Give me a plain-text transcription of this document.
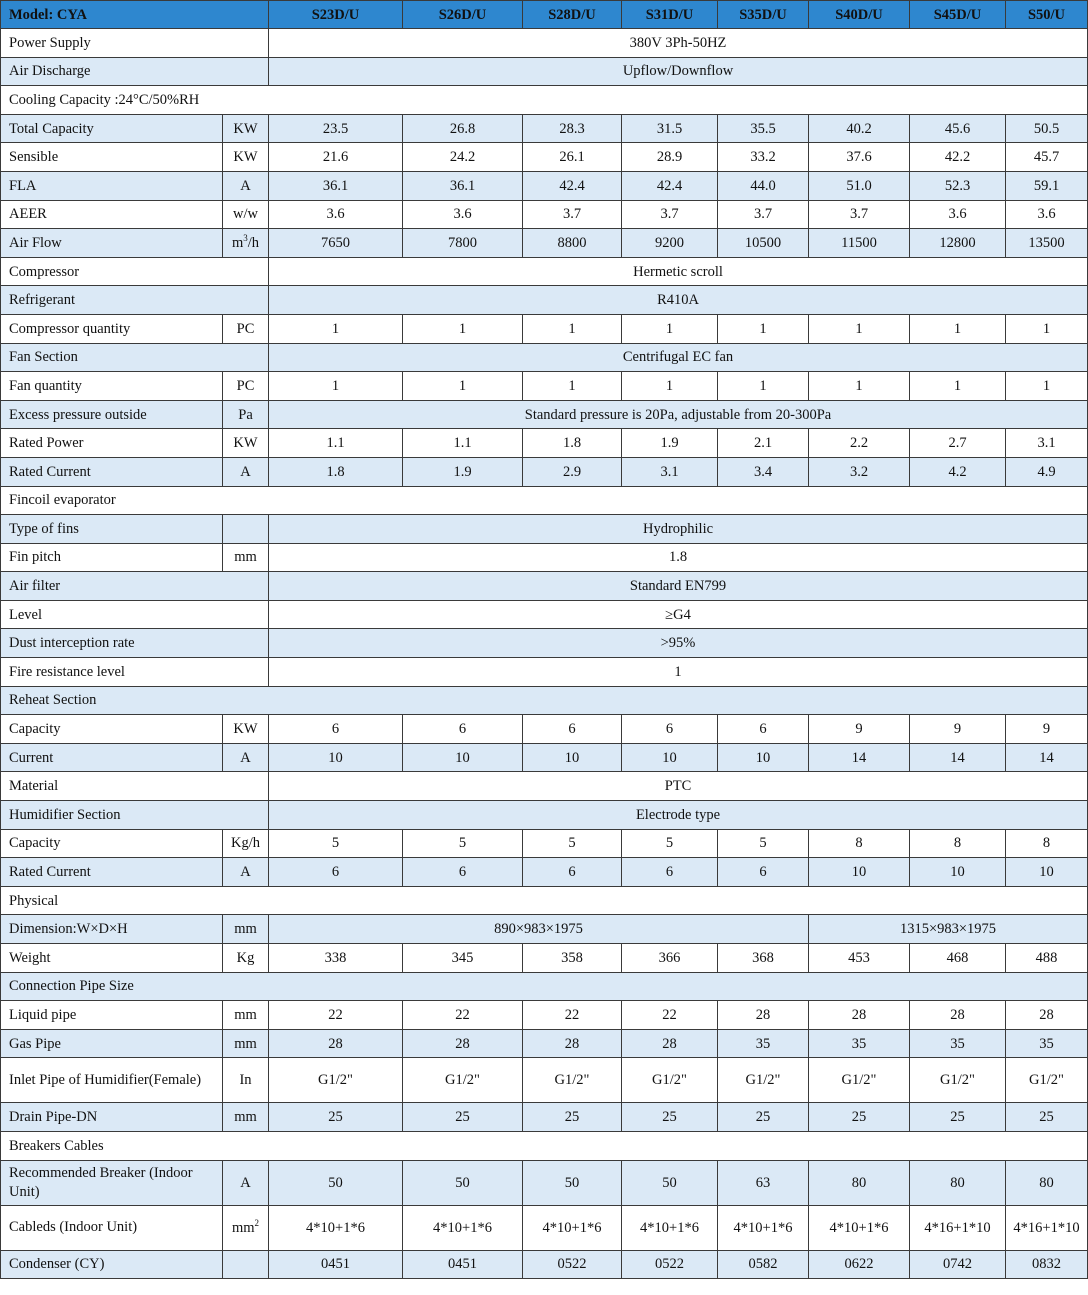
Model: CYA		S23D/U	S26D/U	S28D/U	S31D/U	S35D/U	S40D/U	S45D/U	S50/U
Power Supply		380V 3Ph-50HZ							
Air Discharge		Upflow/Downflow							
Cooling Capacity :24°C/50%RH									
Total Capacity	KW	23.5	26.8	28.3	31.5	35.5	40.2	45.6	50.5
Sensible	KW	21.6	24.2	26.1	28.9	33.2	37.6	42.2	45.7
FLA	A	36.1	36.1	42.4	42.4	44.0	51.0	52.3	59.1
AEER	w/w	3.6	3.6	3.7	3.7	3.7	3.7	3.6	3.6
Air Flow	$m^3/h$	7650	7800	8800	9200	10500	11500	12800	13500
Compressor		Hermetic scroll							
Refrigerant		R410A							
Compressor quantity	PC	1	1	1	1	1	1	1	1
Fan Section		Centrifugal EC fan							
Fan quantity	PC	1	1	1	1	1	1	1	1
Excess pressure outside	Pa	Standard pressure is 20Pa, adjustable from 20-300Pa							
Rated Power	KW	1.1	1.1	1.8	1.9	2.1	2.2	2.7	3.1
Rated Current	A	1.8	1.9	2.9	3.1	3.4	3.2	4.2	4.9
Fincoil evaporator									
Type of fins		Hydrophilic							
Fin pitch	mm	1.8							
Air filter		Standard EN799							
Level		≥G4							
Dust interception rate		>95%							
Fire resistance level		1							
Reheat Section									
Capacity	KW	6	6	6	6	6	9	9	9
Current	A	10	10	10	10	10	14	14	14
Material		PTC							
Humidifier Section		Electrode type							
Capacity	Kg/h	5	5	5	5	5	8	8	8
Rated Current	A	6	6	6	6	6	10	10	10
Physical									
Dimension:W×D×H	mm	890×983×1975					1315×983×1975		
Weight	Kg	338	345	358	366	368	453	468	488
Connection Pipe Size									
Liquid pipe	mm	22	22	22	22	28	28	28	28
Gas Pipe	mm	28	28	28	28	35	35	35	35
Inlet Pipe of Humidifier(Female)	In	G1/2"	G1/2"	G1/2"	G1/2"	G1/2"	G1/2"	G1/2"	G1/2"
Drain Pipe-DN	mm	25	25	25	25	25	25	25	25
Breakers Cables									
Recommended Breaker (Indoor Unit)	A	50	50	50	50	63	80	80	80
Cableds (Indoor Unit)	$mm^2$	4*10+1*6	4*10+1*6	4*10+1*6	4*10+1*6	4*10+1*6	4*10+1*6	4*16+1*10	4*16+1*10
Condenser (CY)		0451	0451	0522	0522	0582	0622	0742	0832
